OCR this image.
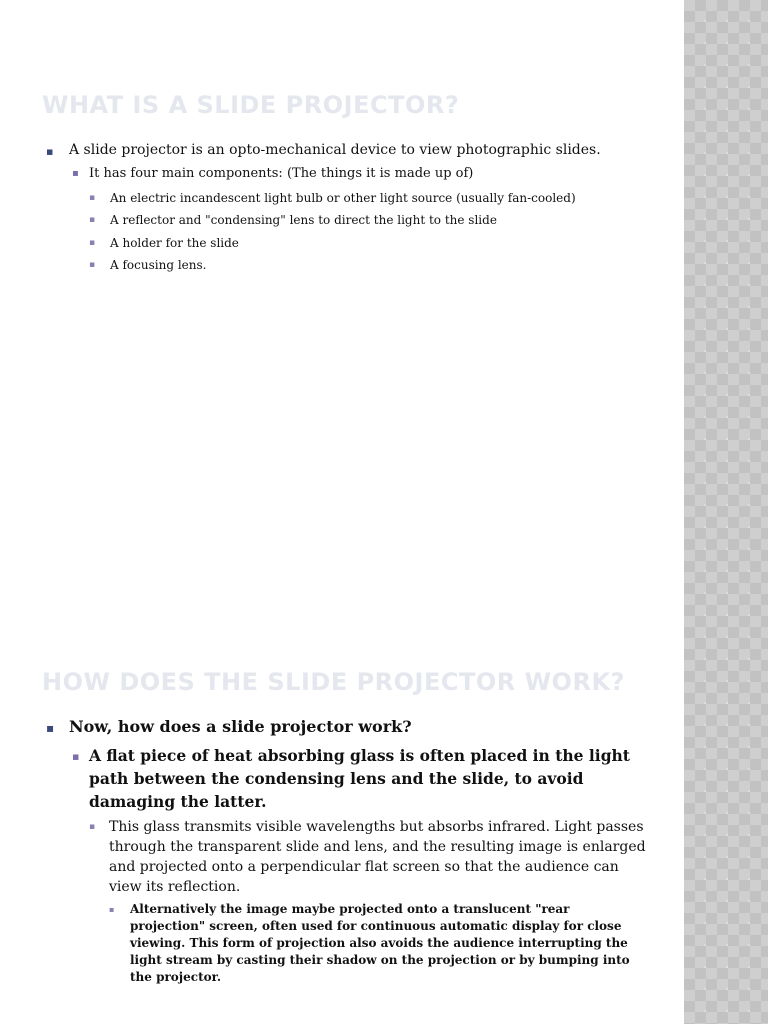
WHAT IS A SLIDE PROJECTOR?
▪ A slide projector is an opto-mechanical device to view photographic slides.
▪ It has four main components: (The things it is made up of)
▪ An electric incandescent light bulb or other light source (usually fan-cooled)
▪ A reflector and "condensing" lens to direct the light to the slide
▪ A holder for the slide
▪ A focusing lens.
HOW DOES THE SLIDE PROJECTOR WORK?
▪ Now, how does a slide projector work?
▪ A flat piece of heat absorbing glass is often placed in the light path between the condensing lens and the slide, to avoid damaging the latter.
▪ This glass transmits visible wavelengths but absorbs infrared. Light passes through the transparent slide and lens, and the resulting image is enlarged and projected onto a perpendicular flat screen so that the audience can view its reflection.
▪ Alternatively the image maybe projected onto a translucent "rear projection" screen, often used for continuous automatic display for close viewing. This form of projection also avoids the audience interrupting the light stream by casting their shadow on the projection or by bumping into the projector.
